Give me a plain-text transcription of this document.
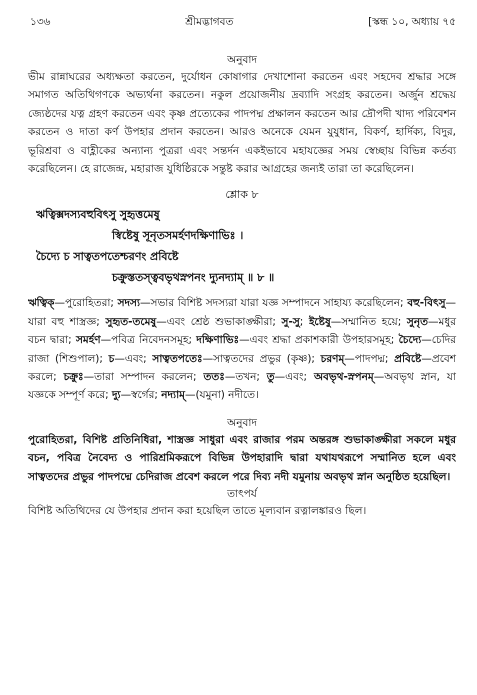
১৩৬	শ্রীমদ্ভাগবত	[স্কন্ধ ১০, অধ্যায় ৭৫
অনুবাদ

ভীম রান্নাঘরের অধ্যক্ষতা করতেন, দুর্যোধন কোষাগার দেখাশোনা করতেন এবং সহদেব শ্রদ্ধার সঙ্গে সমাগত অতিথিগণকে অভ্যর্থনা করতেন। নকুল প্রয়োজনীয় দ্রব্যাদি সংগ্রহ করতেন। অর্জুন শ্রদ্ধেয় জ্যেষ্ঠদের যত্ন গ্রহণ করতেন এবং কৃষ্ণ প্রত্যেকের পাদপদ্ম প্রক্ষালন করতেন আর দ্রৌপদী খাদ্য পরিবেশন করতেন ও দাতা কর্ণ উপহার প্রদান করতেন। আরও অনেকে যেমন যুযুধান, বিকর্ণ, হার্দিক্য, বিদুর, ভূরিশ্রবা ও বাহ্লীকের অন্যান্য পুত্ররা এবং সন্তর্দন একইভাবে মহাযজ্ঞের সময় স্বেচ্ছায় বিভিন্ন কর্তব্য করেছিলেন। হে রাজেন্দ্র, মহারাজ যুধিষ্ঠিরকে সন্তুষ্ট করার আগ্রহের জন্যই তারা তা করেছিলেন।

শ্লোক ৮
ঋত্বিক্সদস্যবহুবিৎসু সুহৃত্তমেষু
স্বিষ্টেষু সূনৃতসমর্হণদক্ষিণাভিঃ ।
চৈদ্যে চ সাত্বতপতেশ্চরণং প্রবিষ্টে
চক্রুস্ততস্ত্ববভৃথস্নপনং দ্যুনদ্যাম্ ॥ ৮ ॥

ঋত্বিক্—পুরোহিতরা; সদস্য—সভার বিশিষ্ট সদস্যরা যারা যজ্ঞ সম্পাদনে সাহায্য করেছিলেন; বহু-বিৎসু—যারা বহু শাস্ত্রজ্ঞ; সুহৃত-তমেষু—এবং শ্রেষ্ঠ শুভাকাঙ্ক্ষীরা; সু-সু; ইষ্টেষু—সম্মানিত হয়ে; সুনৃত—মধুর বচন দ্বারা; সমর্হণ—পবিত্র নিবেদনসমূহ; দক্ষিণাভিঃ—এবং শ্রদ্ধা প্রকাশকারী উপহারসমূহ; চৈদ্যে—চেদির রাজা (শিশুপাল); চ—এবং; সাত্বতপতেঃ—সাত্বতদের প্রভুর (কৃষ্ণ); চরণম্—পাদপদ্ম; প্রবিষ্টে—প্রবেশ করলে; চক্রুঃ—তারা সম্পাদন করলেন; ততঃ—তখন; তু—এবং; অবভৃথ-স্নপনম্—অবভৃথ স্নান, যা যজ্ঞকে সম্পূর্ণ করে; দ্যু—স্বর্গের; নদ্যাম্—(যমুনা) নদীতে।

অনুবাদ

পুরোহিতরা, বিশিষ্ট প্রতিনিধিরা, শাস্ত্রজ্ঞ সাধুরা এবং রাজার পরম অন্তরঙ্গ শুভাকাঙ্ক্ষীরা সকলে মধুর বচন, পবিত্র নৈবেদ্য ও পারিশ্রমিকরূপে বিভিন্ন উপহারাদি দ্বারা যথাযথরূপে সম্মানিত হলে এবং সাত্বতদের প্রভুর পাদপদ্মে চেদিরাজ প্রবেশ করলে পরে দিব্য নদী যমুনায় অবভৃথ স্নান অনুষ্ঠিত হয়েছিল।

তাৎপর্য

বিশিষ্ট অতিথিদের যে উপহার প্রদান করা হয়েছিল তাতে মূল্যবান রত্নালঙ্কারও ছিল।
